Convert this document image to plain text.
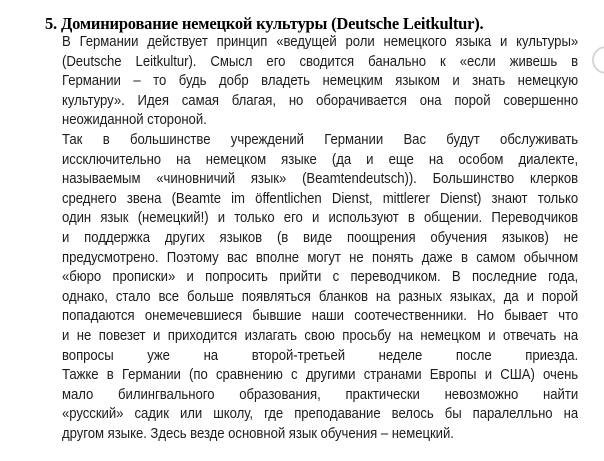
5. Доминирование немецкой культуры (Deutsche Leitkultur).
В Германии действует принцип «ведущей роли немецкого языка и культуры»
(Deutsche Leitkultur). Смысл его сводится банально к «если живешь в
Германии – то будь добр владеть немецким языком и знать немецкую
культуру». Идея самая благая, но оборачивается она порой совершенно
неожиданной стороной.
Так в большинстве учреждений Германии Вас будут обслуживать
иссключительно на немецком языке (да и еще на особом диалекте,
называемым «чиновничий язык» (Beamtendeutsch)). Большинство клерков
среднего звена (Beamte im öffentlichen Dienst, mittlerer Dienst) знают только
один язык (немецкий!) и только его и используют в общении. Переводчиков
и поддержка других языков (в виде поощрения обучения языков) не
предусмотрено. Поэтому вас вполне могут не понять даже в самом обычном
«бюро прописки» и попросить прийти с переводчиком. В последние года,
однако, стало все больше появляться бланков на разных языках, да и порой
попадаются онемечевшиеся бывшие наши соотечественники. Но бывает что
и не повезет и приходится излагать свою просьбу на немецком и отвечать на
вопросы уже на второй-третьей неделе после приезда.
Тажке в Германии (по сравнению с другими странами Европы и США) очень
мало билингвального образования, практически невозможно найти
«русский» садик или школу, где преподавание велось бы паралелльно на
другом языке. Здесь везде основной язык обучения – немецкий.
